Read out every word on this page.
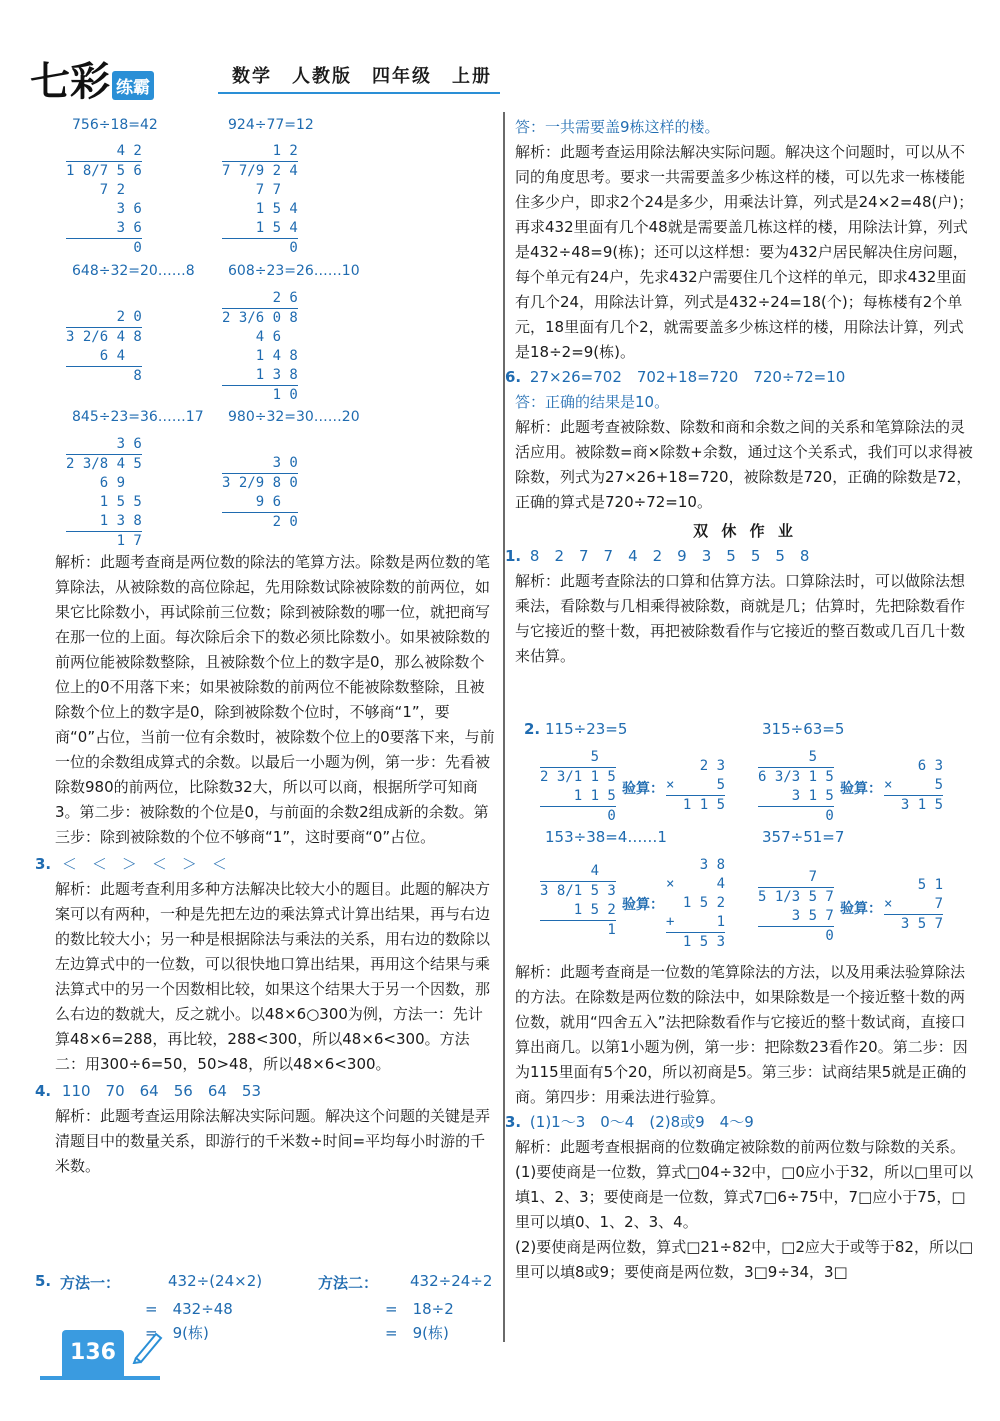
七彩 练霸
数学　人教版　四年级　上册
756÷18=42
4 2
1 8/7 5 6
7 2
3 6
3 6
0
924÷77=12
1 2
7 7/9 2 4
7 7
1 5 4
1 5 4
0
648÷32=20……8
2 0
3 2/6 4 8
6 4
8
608÷23=26……10
2 6
2 3/6 0 8
4 6
1 4 8
1 3 8
1 0
845÷23=36……17
3 6
2 3/8 4 5
6 9
1 5 5
1 3 8
1 7
980÷32=30……20
3 0
3 2/9 8 0
9 6
2 0
解析：此题考查商是两位数的除法的笔算方法。除数是两位数的笔算除法，从被除数的高位除起，先用除数试除被除数的前两位，如果它比除数小，再试除前三位数；除到被除数的哪一位，就把商写在那一位的上面。每次除后余下的数必须比除数小。如果被除数的前两位能被除数整除，且被除数个位上的数字是0，那么被除数个位上的0不用落下来；如果被除数的前两位不能被除数整除，且被除数个位上的数字是0，除到被除数个位时，不够商“1”，要商“0”占位，当前一位有余数时，被除数个位上的0要落下来，与前一位的余数组成算式的余数。以最后一小题为例，第一步：先看被除数980的前两位，比除数32大，所以可以商，根据所学可知商3。第二步：被除数的个位是0，与前面的余数2组成新的余数。第三步：除到被除数的个位不够商“1”，这时要商“0”占位。
3. ＜　＜　＞　＜　＞　＜
解析：此题考查利用多种方法解决比较大小的题目。此题的解决方案可以有两种，一种是先把左边的乘法算式计算出结果，再与右边的数比较大小；另一种是根据除法与乘法的关系，用右边的数除以左边算式中的一位数，可以很快地口算出结果，再用这个结果与乘法算式中的另一个因数相比较，如果这个结果大于另一个因数，那么右边的数就大，反之就小。以48×6○300为例，方法一：先计算48×6=288，再比较，288<300，所以48×6<300。方法二：用300÷6=50，50>48，所以48×6<300。
4. 110　70　64　56　64　53
解析：此题考查运用除法解决实际问题。解决这个问题的关键是弄清题目中的数量关系，即游行的千米数÷时间=平均每小时游的千米数。
5. 方法一：	432÷(24×2)
=　432÷48
=　9(栋)
方法二： 432÷24÷2
=　18÷2
=　9(栋)
答：一共需要盖9栋这样的楼。
解析：此题考查运用除法解决实际问题。解决这个问题时，可以从不同的角度思考。要求一共需要盖多少栋这样的楼，可以先求一栋楼能住多少户，即求2个24是多少，用乘法计算，列式是24×2=48(户)；再求432里面有几个48就是需要盖几栋这样的楼，用除法计算，列式是432÷48=9(栋)；还可以这样想：要为432户居民解决住房问题，每个单元有24户，先求432户需要住几个这样的单元，即求432里面有几个24，用除法计算，列式是432÷24=18(个)；每栋楼有2个单元，18里面有几个2，就需要盖多少栋这样的楼，用除法计算，列式是18÷2=9(栋)。
6. 27×26=702　702+18=720　720÷72=10
答：正确的结果是10。
解析：此题考查被除数、除数和商和余数之间的关系和笔算除法的灵活应用。被除数=商×除数+余数，通过这个关系式，我们可以求得被除数，列式为27×26+18=720，被除数是720，正确的除数是72，正确的算式是720÷72=10。
双 休 作 业
1. 8　2　7　7　4　2　9　3　5　5　5　8
解析：此题考查除法的口算和估算方法。口算除法时，可以做除法想乘法，看除数与几相乘得被除数，商就是几；估算时，先把除数看作与它接近的整十数，再把被除数看作与它接近的整百数或几百几十数来估算。
2. 115÷23=5
5
2 3/1 1 5
1 1 5
0
验算：
2 3
×     5
1 1 5
315÷63=5
5
6 3/3 1 5
3 1 5
0
验算：
6 3
×     5
3 1 5
153÷38=4……1
4
3 8/1 5 3
1 5 2
1
验算：
3 8
×     4
1 5 2
+     1
1 5 3
357÷51=7
7
5 1/3 5 7
3 5 7
0
验算：
5 1
×     7
3 5 7
解析：此题考查商是一位数的笔算除法的方法，以及用乘法验算除法的方法。在除数是两位数的除法中，如果除数是一个接近整十数的两位数，就用“四舍五入”法把除数看作与它接近的整十数试商，直接口算出商几。以第1小题为例，第一步：把除数23看作20。第二步：因为115里面有5个20，所以初商是5。第三步：试商结果5就是正确的商。第四步：用乘法进行验算。
3. (1)1～3　0～4　(2)8或9　4～9
解析：此题考查根据商的位数确定被除数的前两位数与除数的关系。
(1)要使商是一位数，算式□04÷32中，□0应小于32，所以□里可以填1、2、3；要使商是一位数，算式7□6÷75中，7□应小于75，□里可以填0、1、2、3、4。
(2)要使商是两位数，算式□21÷82中，□2应大于或等于82，所以□里可以填8或9；要使商是两位数，3□9÷34，3□
136
